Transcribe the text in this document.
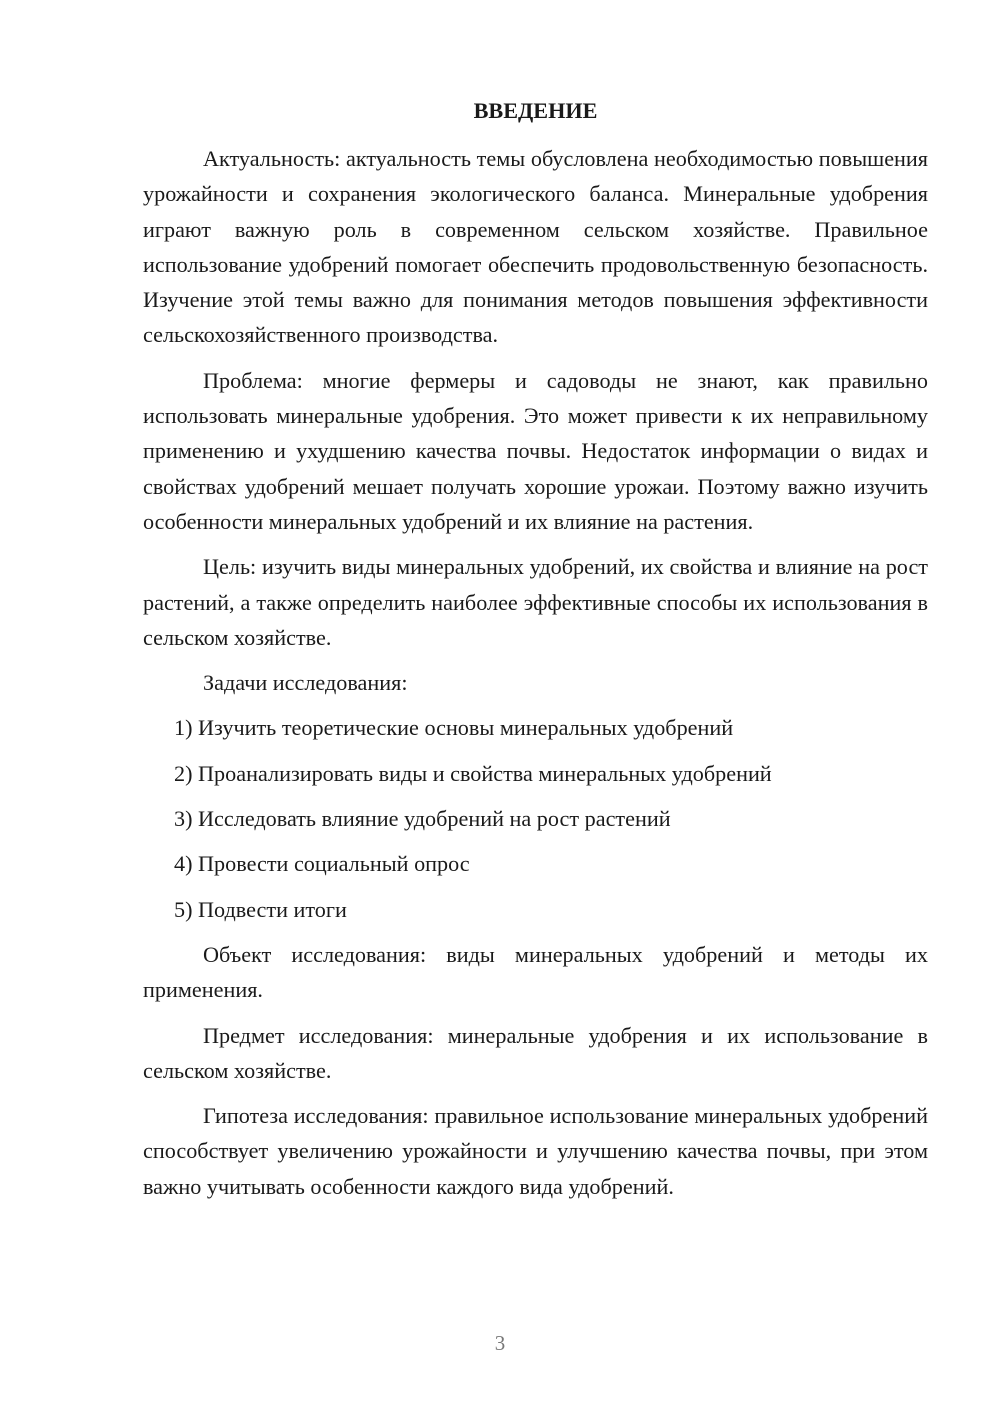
ВВЕДЕНИЕ

Актуальность: актуальность темы обусловлена необходимостью повышения урожайности и сохранения экологического баланса. Минеральные удобрения играют важную роль в современном сельском хозяйстве. Правильное использование удобрений помогает обеспечить продовольственную безопасность. Изучение этой темы важно для понимания методов повышения эффективности сельскохозяйственного производства.

Проблема: многие фермеры и садоводы не знают, как правильно использовать минеральные удобрения. Это может привести к их неправильному применению и ухудшению качества почвы. Недостаток информации о видах и свойствах удобрений мешает получать хорошие урожаи. Поэтому важно изучить особенности минеральных удобрений и их влияние на растения.

Цель: изучить виды минеральных удобрений, их свойства и влияние на рост растений, а также определить наиболее эффективные способы их использования в сельском хозяйстве.

Задачи исследования:

1) Изучить теоретические основы минеральных удобрений
2) Проанализировать виды и свойства минеральных удобрений
3) Исследовать влияние удобрений на рост растений
4) Провести социальный опрос
5) Подвести итоги

Объект исследования: виды минеральных удобрений и методы их применения.

Предмет исследования: минеральные удобрения и их использование в сельском хозяйстве.

Гипотеза исследования: правильное использование минеральных удобрений способствует увеличению урожайности и улучшению качества почвы, при этом важно учитывать особенности каждого вида удобрений.

3
